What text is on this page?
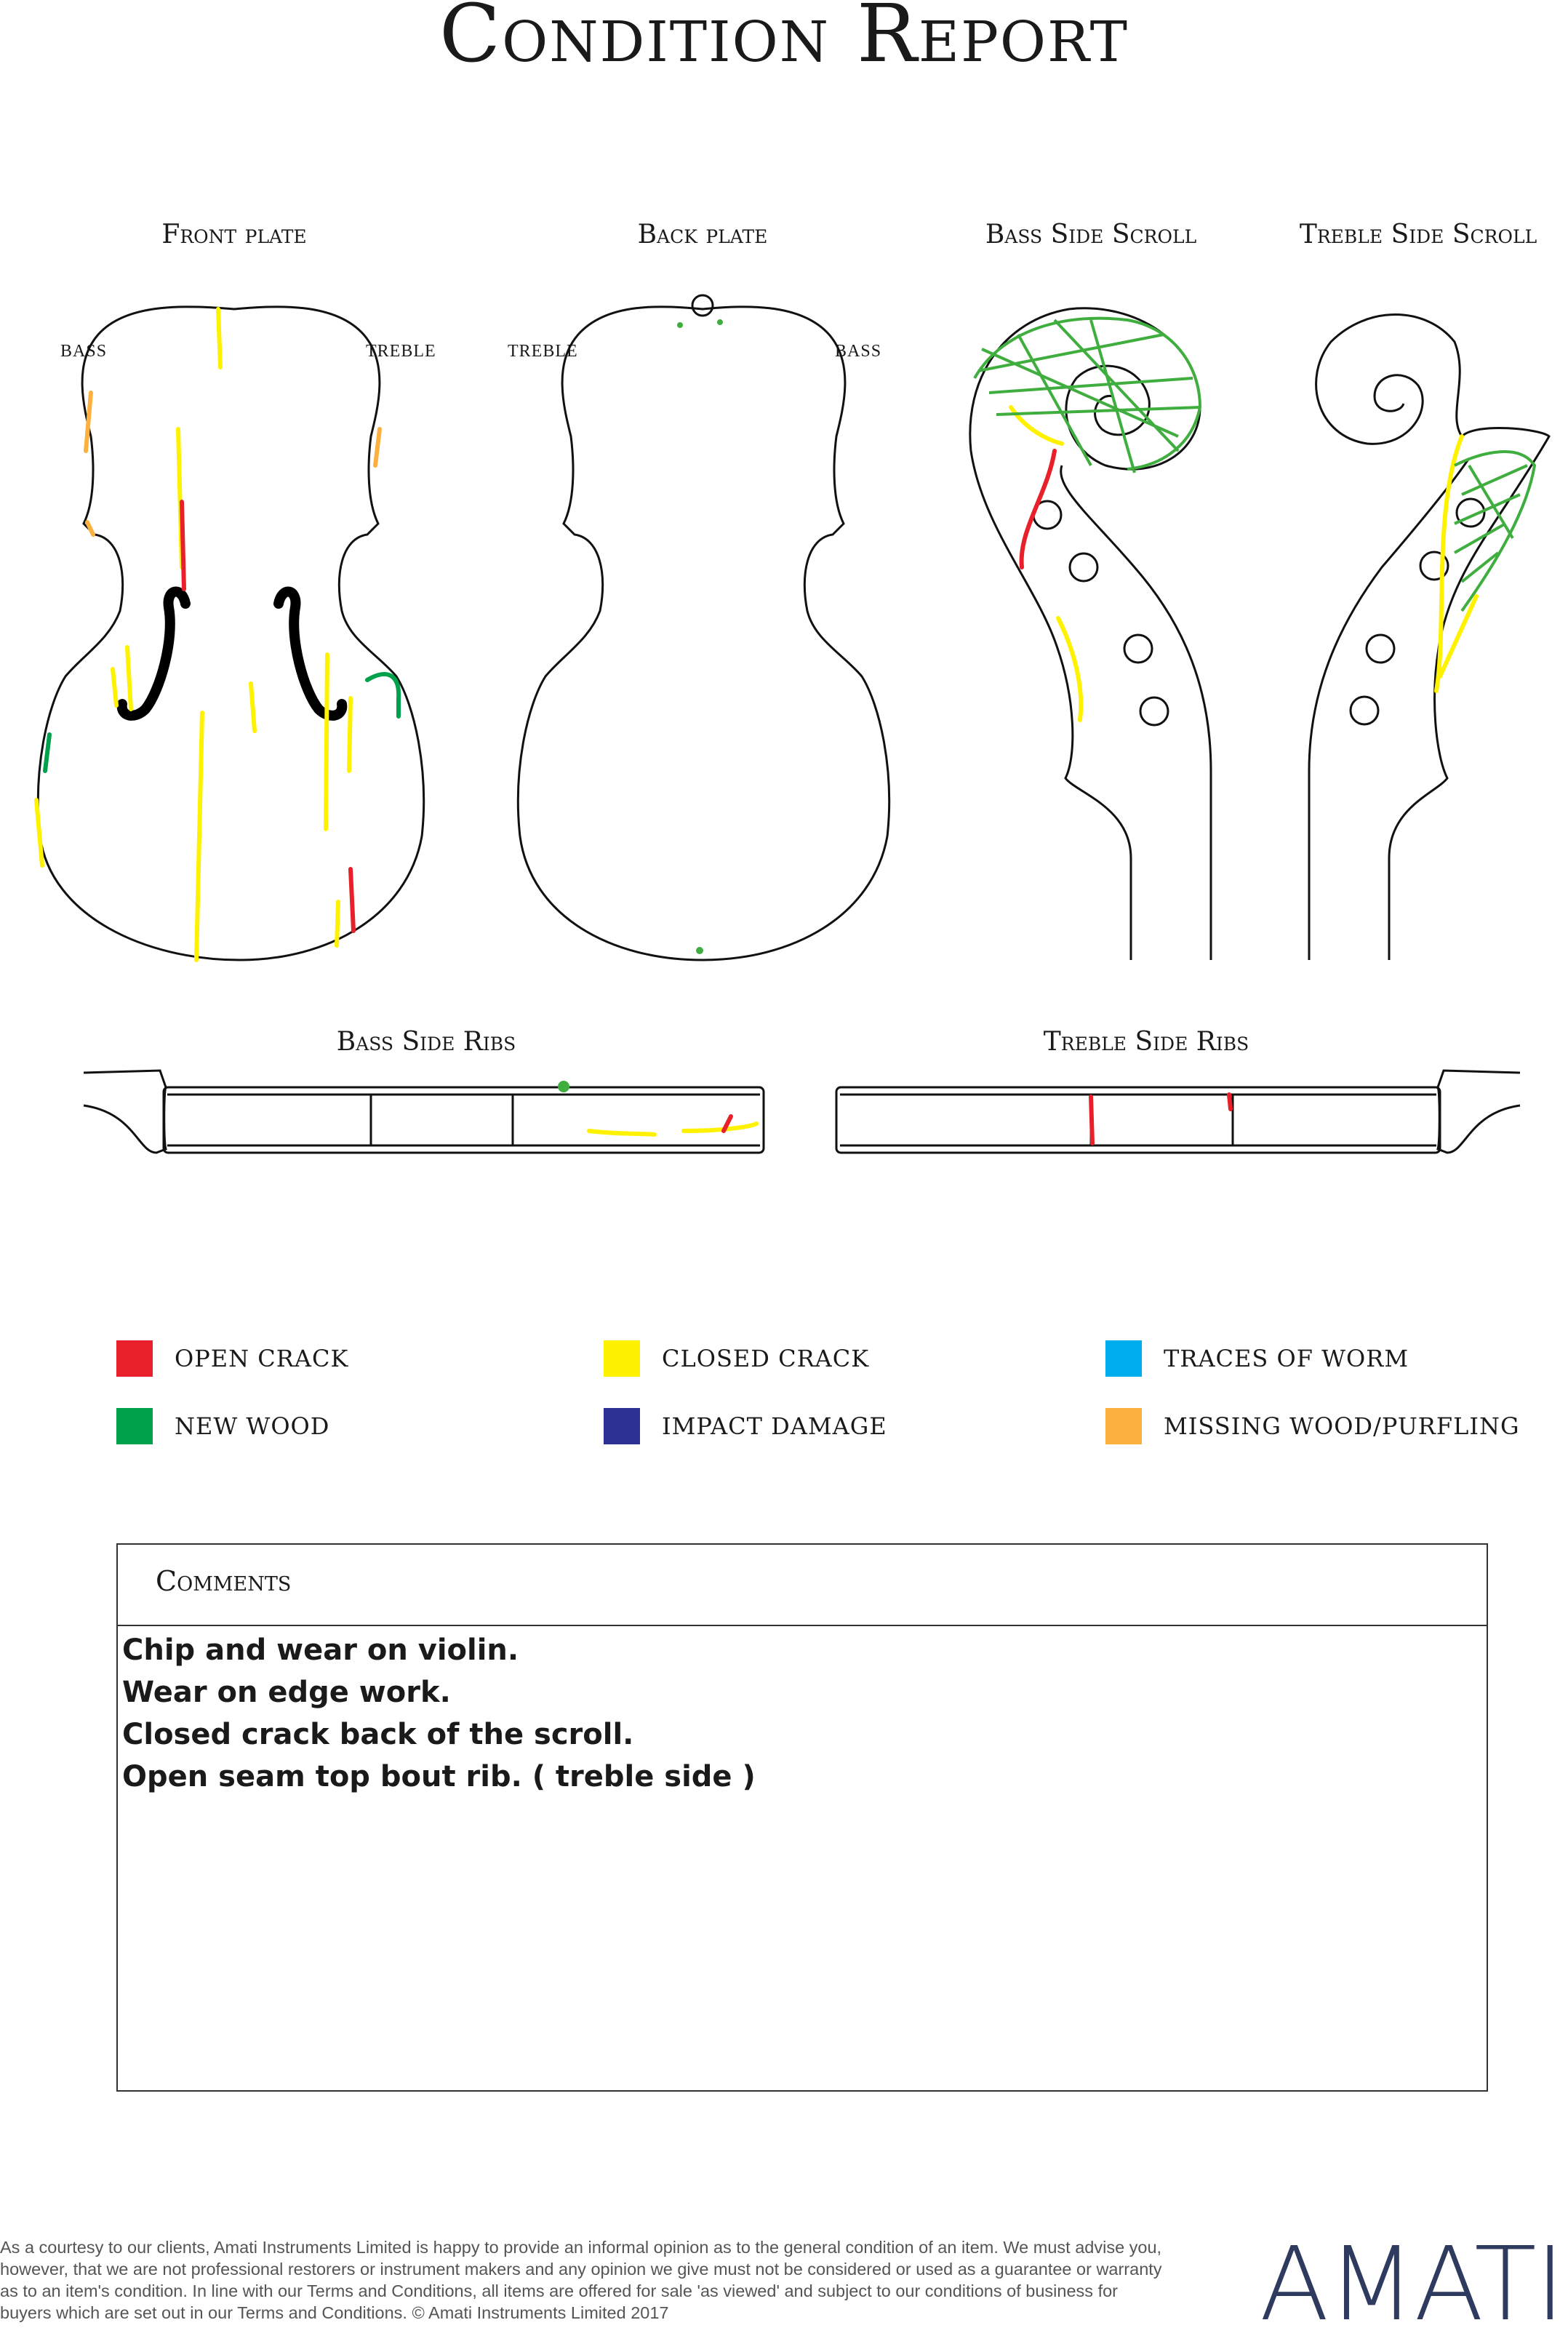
Condition Report
Front plate	Back plate	Bass Side Scroll	Treble Side Scroll
Bass Side Ribs	Treble Side Ribs
BASS	TREBLE	TREBLE	BASS
OPEN CRACK	CLOSED CRACK	TRACES OF WORM
NEW WOOD	IMPACT DAMAGE	MISSING WOOD/PURFLING
Comments
Chip and wear on violin.
Wear on edge work.
Closed crack back of the scroll.
Open seam top bout rib. ( treble side )
As a courtesy to our clients, Amati Instruments Limited is happy to provide an informal opinion as to the general condition of an item. We must advise you, however, that we are not professional restorers or instrument makers and any opinion we give must not be considered or used as a guarantee or warranty as to an item's condition. In line with our Terms and Conditions, all items are offered for sale 'as viewed' and subject to our conditions of business for buyers which are set out in our Terms and Conditions. © Amati Instruments Limited 2017	AMATI
